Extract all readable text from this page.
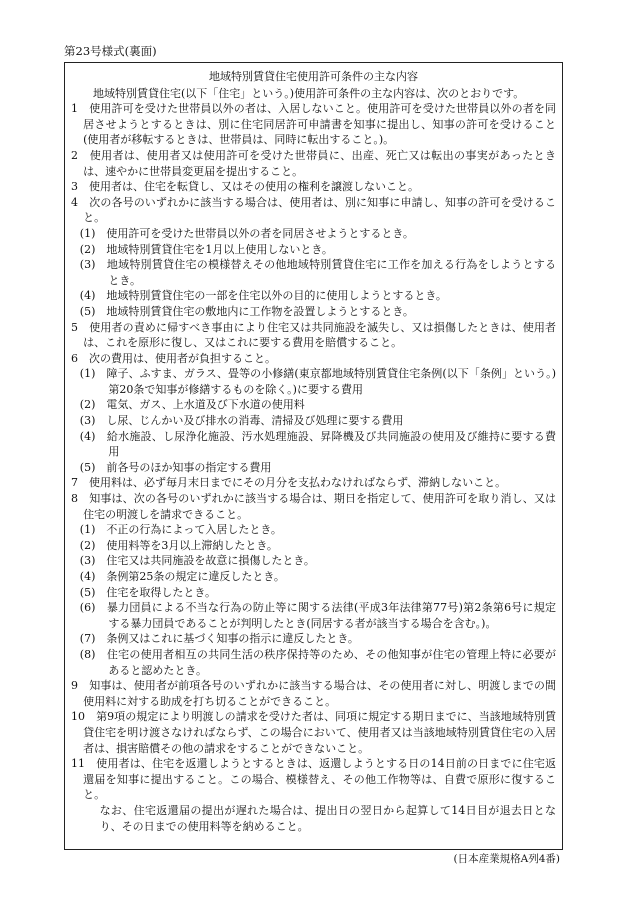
第23号様式(裏面)

地域特別賃貸住宅使用許可条件の主な内容

地域特別賃貸住宅(以下「住宅」という。)使用許可条件の主な内容は、次のとおりです。

1　使用許可を受けた世帯員以外の者は、入居しないこと。使用許可を受けた世帯員以外の者を同居させようとするときは、別に住宅同居許可申請書を知事に提出し、知事の許可を受けること(使用者が移転するときは、世帯員は、同時に転出すること。)。

2　使用者は、使用者又は使用許可を受けた世帯員に、出産、死亡又は転出の事実があったときは、速やかに世帯員変更届を提出すること。

3　使用者は、住宅を転貸し、又はその使用の権利を譲渡しないこと。

4　次の各号のいずれかに該当する場合は、使用者は、別に知事に申請し、知事の許可を受けること。

(1)　使用許可を受けた世帯員以外の者を同居させようとするとき。

(2)　地域特別賃貸住宅を1月以上使用しないとき。

(3)　地域特別賃貸住宅の模様替えその他地域特別賃貸住宅に工作を加える行為をしようとするとき。

(4)　地域特別賃貸住宅の一部を住宅以外の目的に使用しようとするとき。

(5)　地域特別賃貸住宅の敷地内に工作物を設置しようとするとき。

5　使用者の責めに帰すべき事由により住宅又は共同施設を滅失し、又は損傷したときは、使用者は、これを原形に復し、又はこれに要する費用を賠償すること。

6　次の費用は、使用者が負担すること。

(1)　障子、ふすま、ガラス、畳等の小修繕(東京都地域特別賃貸住宅条例(以下「条例」という。)第20条で知事が修繕するものを除く。)に要する費用

(2)　電気、ガス、上水道及び下水道の使用料

(3)　し尿、じんかい及び排水の消毒、清掃及び処理に要する費用

(4)　給水施設、し尿浄化施設、汚水処理施設、昇降機及び共同施設の使用及び維持に要する費用

(5)　前各号のほか知事の指定する費用

7　使用料は、必ず毎月末日までにその月分を支払わなければならず、滞納しないこと。

8　知事は、次の各号のいずれかに該当する場合は、期日を指定して、使用許可を取り消し、又は住宅の明渡しを請求できること。

(1)　不正の行為によって入居したとき。

(2)　使用料等を3月以上滞納したとき。

(3)　住宅又は共同施設を故意に損傷したとき。

(4)　条例第25条の規定に違反したとき。

(5)　住宅を取得したとき。

(6)　暴力団員による不当な行為の防止等に関する法律(平成3年法律第77号)第2条第6号に規定する暴力団員であることが判明したとき(同居する者が該当する場合を含む。)。

(7)　条例又はこれに基づく知事の指示に違反したとき。

(8)　住宅の使用者相互の共同生活の秩序保持等のため、その他知事が住宅の管理上特に必要があると認めたとき。

9　知事は、使用者が前項各号のいずれかに該当する場合は、その使用者に対し、明渡しまでの間使用料に対する助成を打ち切ることができること。

10　第9項の規定により明渡しの請求を受けた者は、同項に規定する期日までに、当該地域特別賃貸住宅を明け渡さなければならず、この場合において、使用者又は当該地域特別賃貸住宅の入居者は、損害賠償その他の請求をすることができないこと。

11　使用者は、住宅を返還しようとするときは、返還しようとする日の14日前の日までに住宅返還届を知事に提出すること。この場合、模様替え、その他工作物等は、自費で原形に復すること。

なお、住宅返還届の提出が遅れた場合は、提出日の翌日から起算して14日目が退去日となり、その日までの使用料等を納めること。

(日本産業規格A列4番)
